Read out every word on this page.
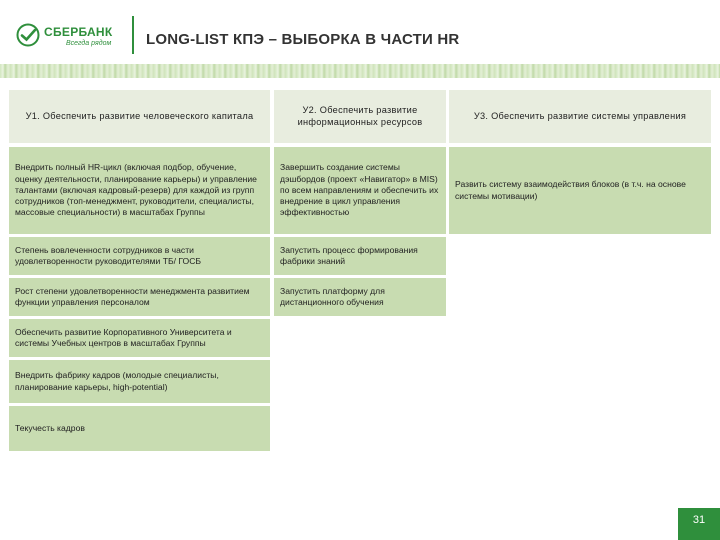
СБЕРБАНК
Всегда рядом LONG-LIST КПЭ – ВЫБОРКА В ЧАСТИ HR
У1. Обеспечить развитие человеческого капитала
У2. Обеспечить развитие информационных ресурсов
У3. Обеспечить развитие системы управления
Внедрить полный HR-цикл (включая подбор, обучение, оценку деятельности, планирование карьеры) и управление талантами (включая кадровый-резерв) для каждой из групп сотрудников (топ-менеджмент, руководители, специалисты, массовые специальности) в масштабах Группы
Степень вовлеченности сотрудников в части удовлетворенности руководителями ТБ/ ГОСБ
Рост степени удовлетворенности менеджмента развитием функции управления персоналом
Обеспечить развитие Корпоративного Университета и системы Учебных центров в масштабах Группы
Внедрить фабрику кадров (молодые специалисты, планирование карьеры, high-potential)
Текучесть кадров
Завершить создание системы дэшбордов (проект «Навигатор» в MIS) по всем направлениям и обеспечить их внедрение в цикл управления эффективностью
Запустить процесс формирования фабрики знаний
Запустить платформу для дистанционного обучения
Развить систему взаимодействия блоков (в т.ч. на основе системы мотивации)
31
